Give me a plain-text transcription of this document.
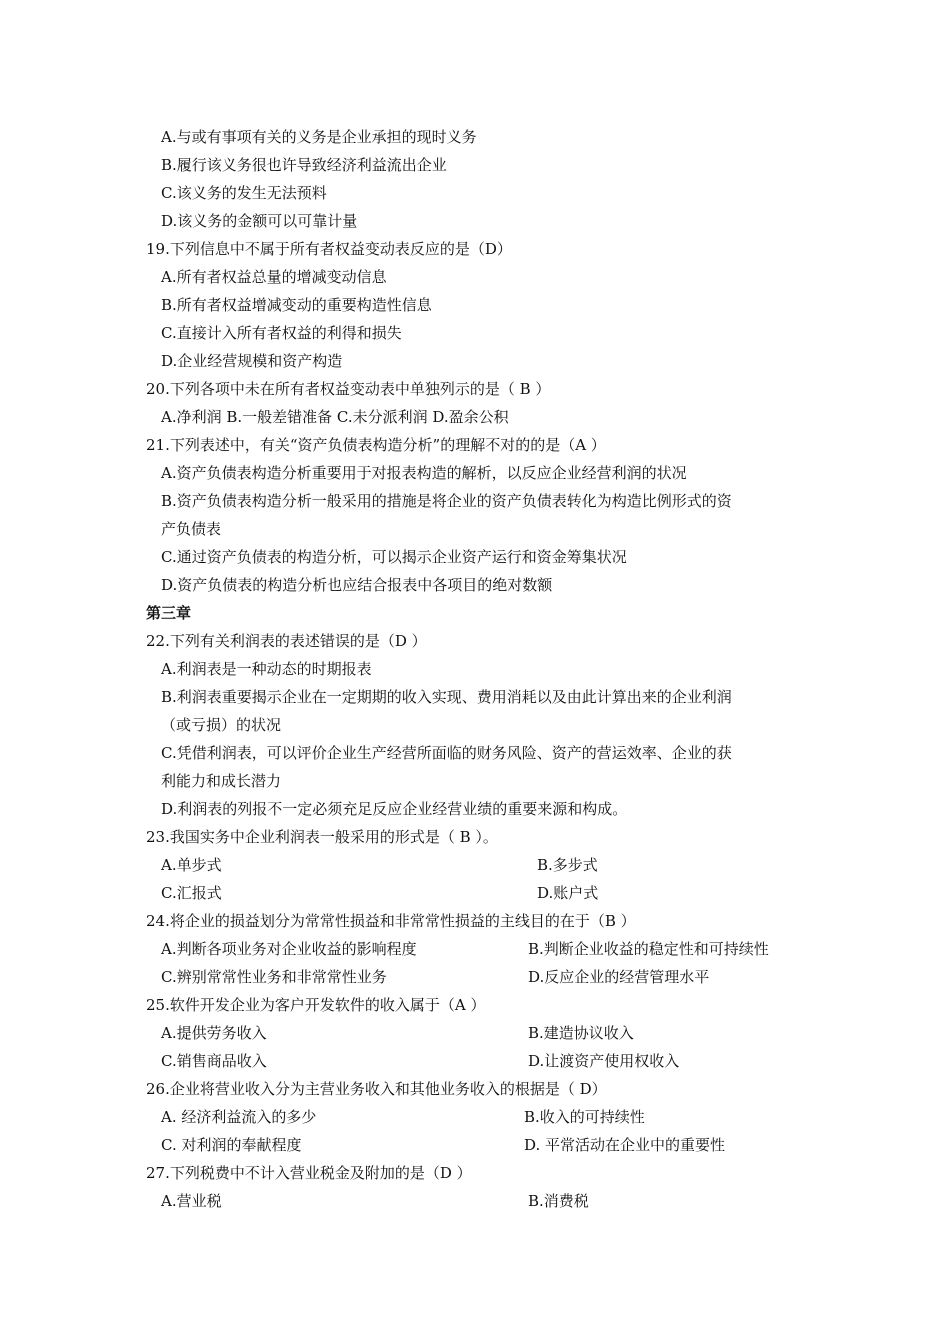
A.与或有事项有关的义务是企业承担的现时义务
B.履行该义务很也许导致经济利益流出企业
C.该义务的发生无法预料
D.该义务的金额可以可靠计量
19.下列信息中不属于所有者权益变动表反应的是（D）
A.所有者权益总量的增减变动信息
B.所有者权益增减变动的重要构造性信息
C.直接计入所有者权益的利得和损失
D.企业经营规模和资产构造
20.下列各项中未在所有者权益变动表中单独列示的是（ B ）
A.净利润 B.一般差错准备 C.未分派利润 D.盈余公积
21.下列表述中，有关“资产负债表构造分析”的理解不对的的是（A ）
A.资产负债表构造分析重要用于对报表构造的解析，以反应企业经营利润的状况
B.资产负债表构造分析一般采用的措施是将企业的资产负债表转化为构造比例形式的资
产负债表
C.通过资产负债表的构造分析，可以揭示企业资产运行和资金筹集状况
D.资产负债表的构造分析也应结合报表中各项目的绝对数额
第三章
22.下列有关利润表的表述错误的是（D ）
A.利润表是一种动态的时期报表
B.利润表重要揭示企业在一定期期的收入实现、费用消耗以及由此计算出来的企业利润
（或亏损）的状况
C.凭借利润表，可以评价企业生产经营所面临的财务风险、资产的营运效率、企业的获
利能力和成长潜力
D.利润表的列报不一定必须充足反应企业经营业绩的重要来源和构成。
23.我国实务中企业利润表一般采用的形式是（ B ）。
A.单步式	B.多步式
C.汇报式	D.账户式
24.将企业的损益划分为常常性损益和非常常性损益的主线目的在于（B ）
A.判断各项业务对企业收益的影响程度	B.判断企业收益的稳定性和可持续性
C.辨别常常性业务和非常常性业务	D.反应企业的经营管理水平
25.软件开发企业为客户开发软件的收入属于（A ）
A.提供劳务收入	B.建造协议收入
C.销售商品收入	D.让渡资产使用权收入
26.企业将营业收入分为主营业务收入和其他业务收入的根据是（ D）
A. 经济利益流入的多少	B.收入的可持续性
C. 对利润的奉献程度	D. 平常活动在企业中的重要性
27.下列税费中不计入营业税金及附加的是（D ）
A.营业税	B.消费税
